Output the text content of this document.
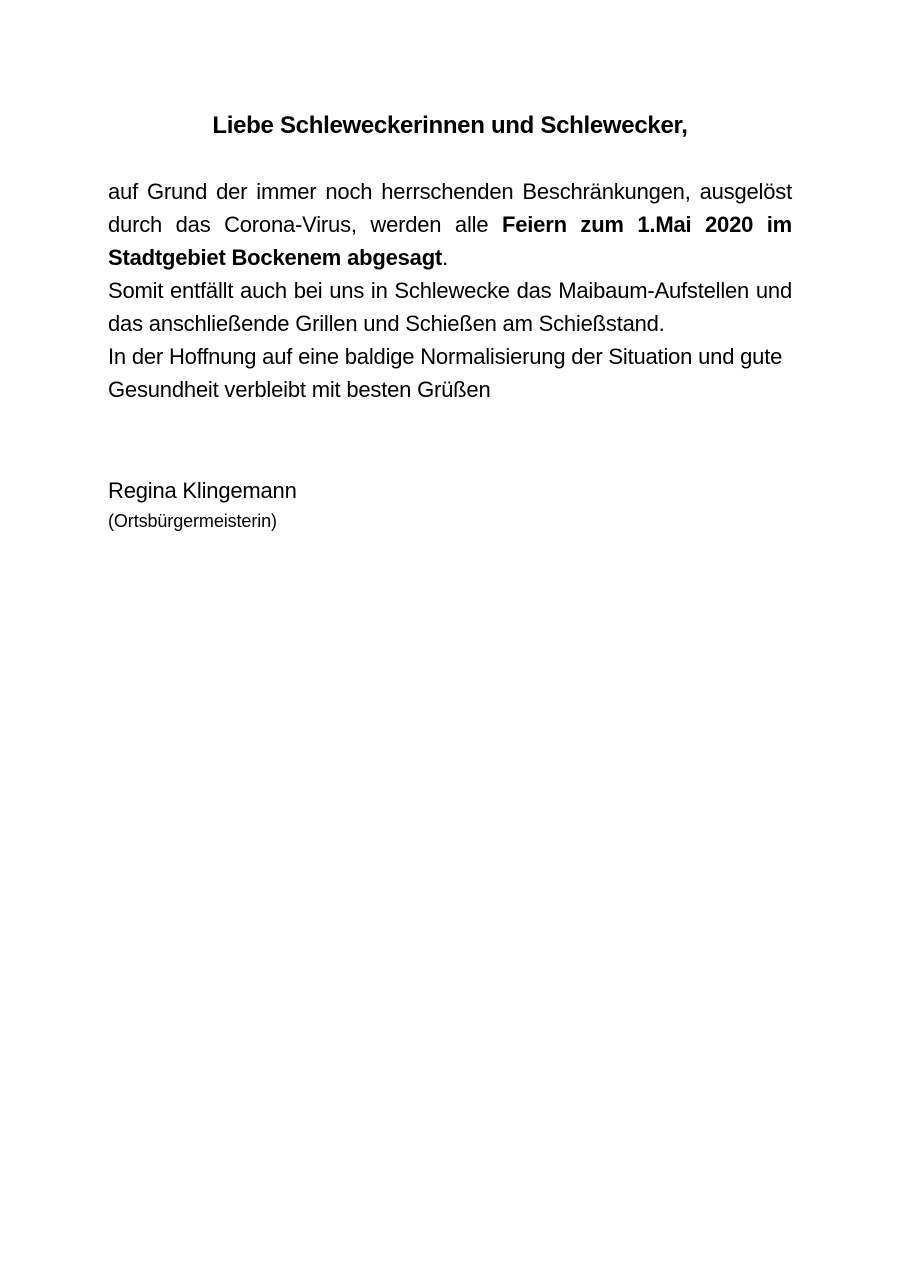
Liebe Schleweckerinnen und Schlewecker,

auf Grund der immer noch herrschenden Beschränkungen, ausgelöst durch das Corona-Virus, werden alle Feiern zum 1.Mai 2020 im Stadtgebiet Bockenem abgesagt.

Somit entfällt auch bei uns in Schlewecke das Maibaum-Aufstellen und das anschließende Grillen und Schießen am Schießstand.

In der Hoffnung auf eine baldige Normalisierung der Situation und gute Gesundheit verbleibt mit besten Grüßen

Regina Klingemann
(Ortsbürgermeisterin)
